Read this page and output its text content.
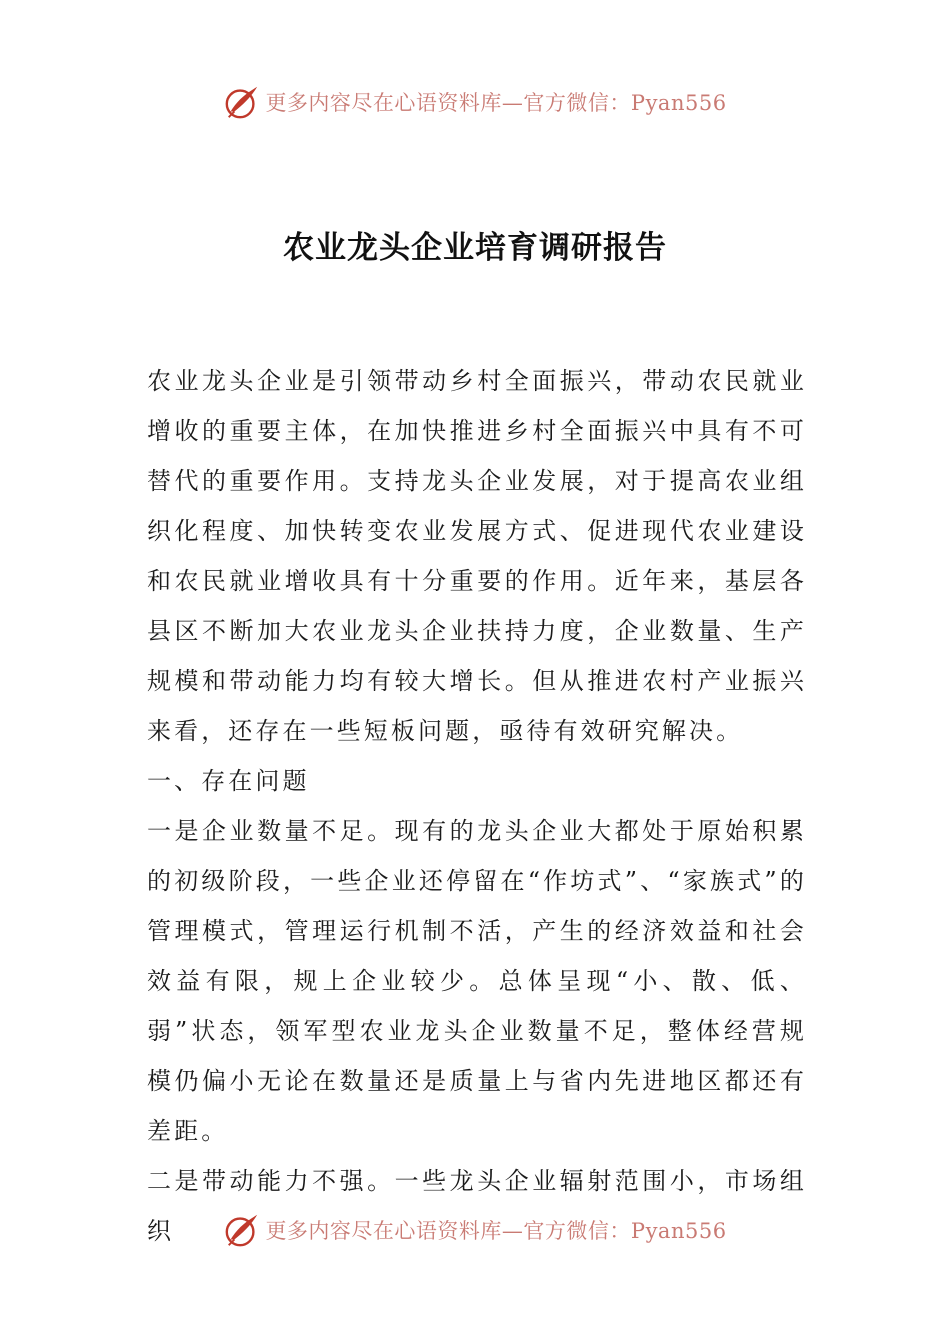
更多内容尽在心语资料库—官方微信：Pyan556
农业龙头企业培育调研报告

农业龙头企业是引领带动乡村全面振兴，带动农民就业增收的重要主体，在加快推进乡村全面振兴中具有不可替代的重要作用。支持龙头企业发展，对于提高农业组织化程度、加快转变农业发展方式、促进现代农业建设和农民就业增收具有十分重要的作用。近年来，基层各县区不断加大农业龙头企业扶持力度，企业数量、生产规模和带动能力均有较大增长。但从推进农村产业振兴来看，还存在一些短板问题，亟待有效研究解决。

一、存在问题

一是企业数量不足。现有的龙头企业大都处于原始积累的初级阶段，一些企业还停留在“作坊式”、“家族式”的管理模式，管理运行机制不活，产生的经济效益和社会效益有限，规上企业较少。总体呈现“小、散、低、弱”状态，领军型农业龙头企业数量不足，整体经营规模仍偏小无论在数量还是质量上与省内先进地区都还有差距。

二是带动能力不强。一些龙头企业辐射范围小，市场组织	更多内容尽在心语资料库—官方微信：Pyan556
